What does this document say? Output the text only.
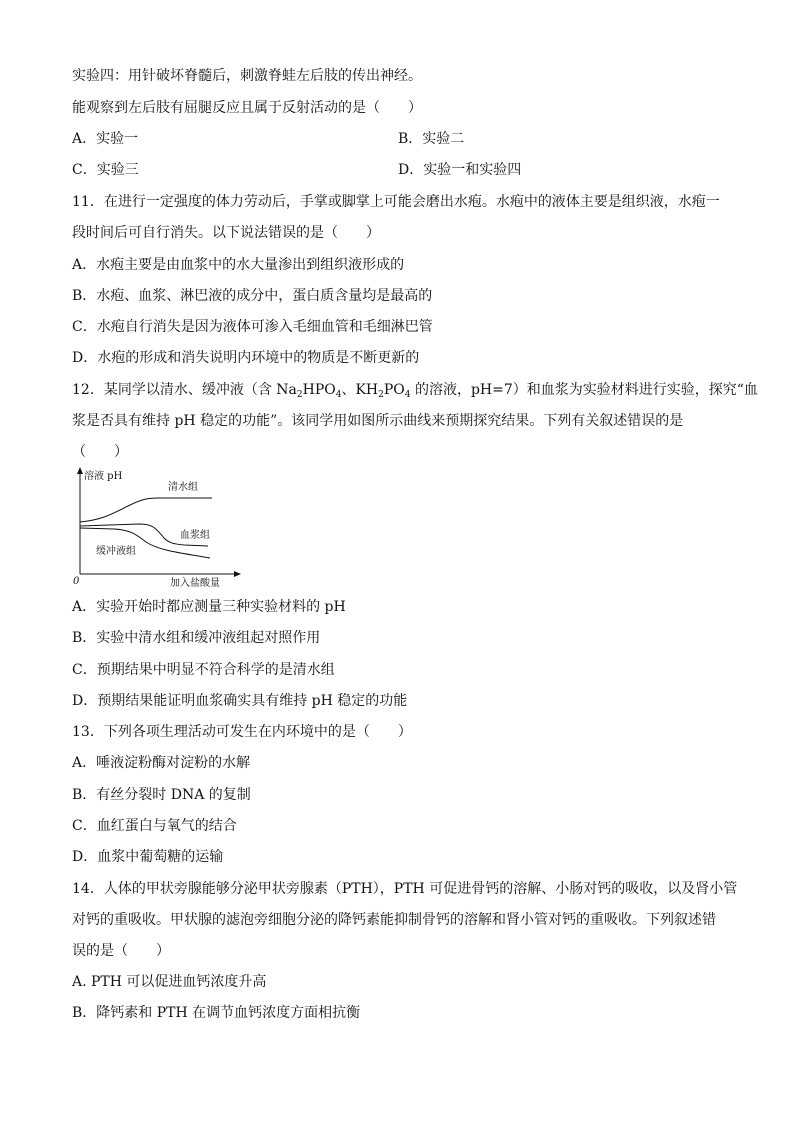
实验四：用针破坏脊髓后，刺激脊蛙左后肢的传出神经。
能观察到左后肢有屈腿反应且属于反射活动的是（　　）
A．实验一	B．实验二
C．实验三	D．实验一和实验四
11．在进行一定强度的体力劳动后，手掌或脚掌上可能会磨出水疱。水疱中的液体主要是组织液，水疱一
段时间后可自行消失。以下说法错误的是（　　）
A．水疱主要是由血浆中的水大量渗出到组织液形成的
B．水疱、血浆、淋巴液的成分中，蛋白质含量均是最高的
C．水疱自行消失是因为液体可渗入毛细血管和毛细淋巴管
D．水疱的形成和消失说明内环境中的物质是不断更新的
12．某同学以清水、缓冲液（含 $Na_2HPO_4$、$KH_2PO_4$ 的溶液，pH=7）和血浆为实验材料进行实验，探究“血
浆是否具有维持 pH 稳定的功能”。该同学用如图所示曲线来预期探究结果。下列有关叙述错误的是
（　　）
溶液 pH
清水组
血浆组
缓冲液组
0	加入盐酸量
A．实验开始时都应测量三种实验材料的 pH
B．实验中清水组和缓冲液组起对照作用
C．预期结果中明显不符合科学的是清水组
D．预期结果能证明血浆确实具有维持 pH 稳定的功能
13．下列各项生理活动可发生在内环境中的是（　　）
A．唾液淀粉酶对淀粉的水解
B．有丝分裂时 DNA 的复制
C．血红蛋白与氧气的结合
D．血浆中葡萄糖的运输
14．人体的甲状旁腺能够分泌甲状旁腺素（PTH），PTH 可促进骨钙的溶解、小肠对钙的吸收，以及肾小管
对钙的重吸收。甲状腺的滤泡旁细胞分泌的降钙素能抑制骨钙的溶解和肾小管对钙的重吸收。下列叙述错
误的是（　　）
A. PTH 可以促进血钙浓度升高
B．降钙素和 PTH 在调节血钙浓度方面相抗衡
